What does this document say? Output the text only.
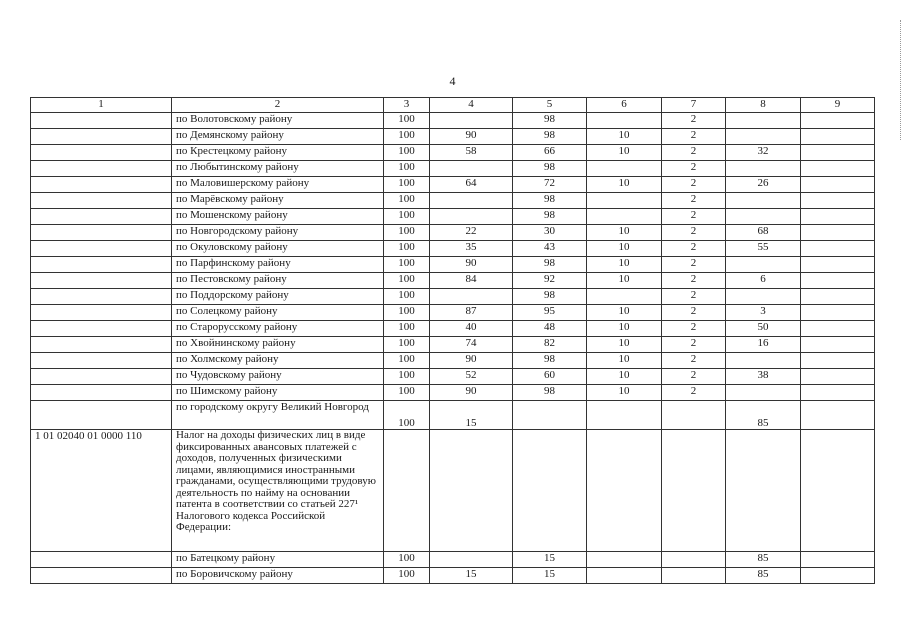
4
1	2	3	4	5	6	7	8	9
	по Волотовскому району	100		98		2		
	по Демянскому району	100	90	98	10	2		
	по Крестецкому району	100	58	66	10	2	32	
	по Любытинскому району	100		98		2		
	по Маловишерскому району	100	64	72	10	2	26	
	по Марёвскому району	100		98		2		
	по Мошенскому району	100		98		2		
	по Новгородскому району	100	22	30	10	2	68	
	по Окуловскому району	100	35	43	10	2	55	
	по Парфинскому району	100	90	98	10	2		
	по Пестовскому району	100	84	92	10	2	6	
	по Поддорскому району	100		98		2		
	по Солецкому району	100	87	95	10	2	3	
	по Старорусскому району	100	40	48	10	2	50	
	по Хвойнинскому району	100	74	82	10	2	16	
	по Холмскому району	100	90	98	10	2		
	по Чудовскому району	100	52	60	10	2	38	
	по Шимскому району	100	90	98	10	2		
	по городскому округу Великий Новгород	100	15				85	
1 01 02040 01 0000 110	Налог на доходы физических лиц в виде фиксированных авансовых платежей с доходов, полученных физическими лицами, являющимися иностранными гражданами, осуществляющими трудовую деятельность по найму на основании патента в соответствии со статьей 227¹ Налогового кодекса Российской Федерации:							
	по Батецкому району	100		15			85	
	по Боровичскому району	100	15	15			85	
